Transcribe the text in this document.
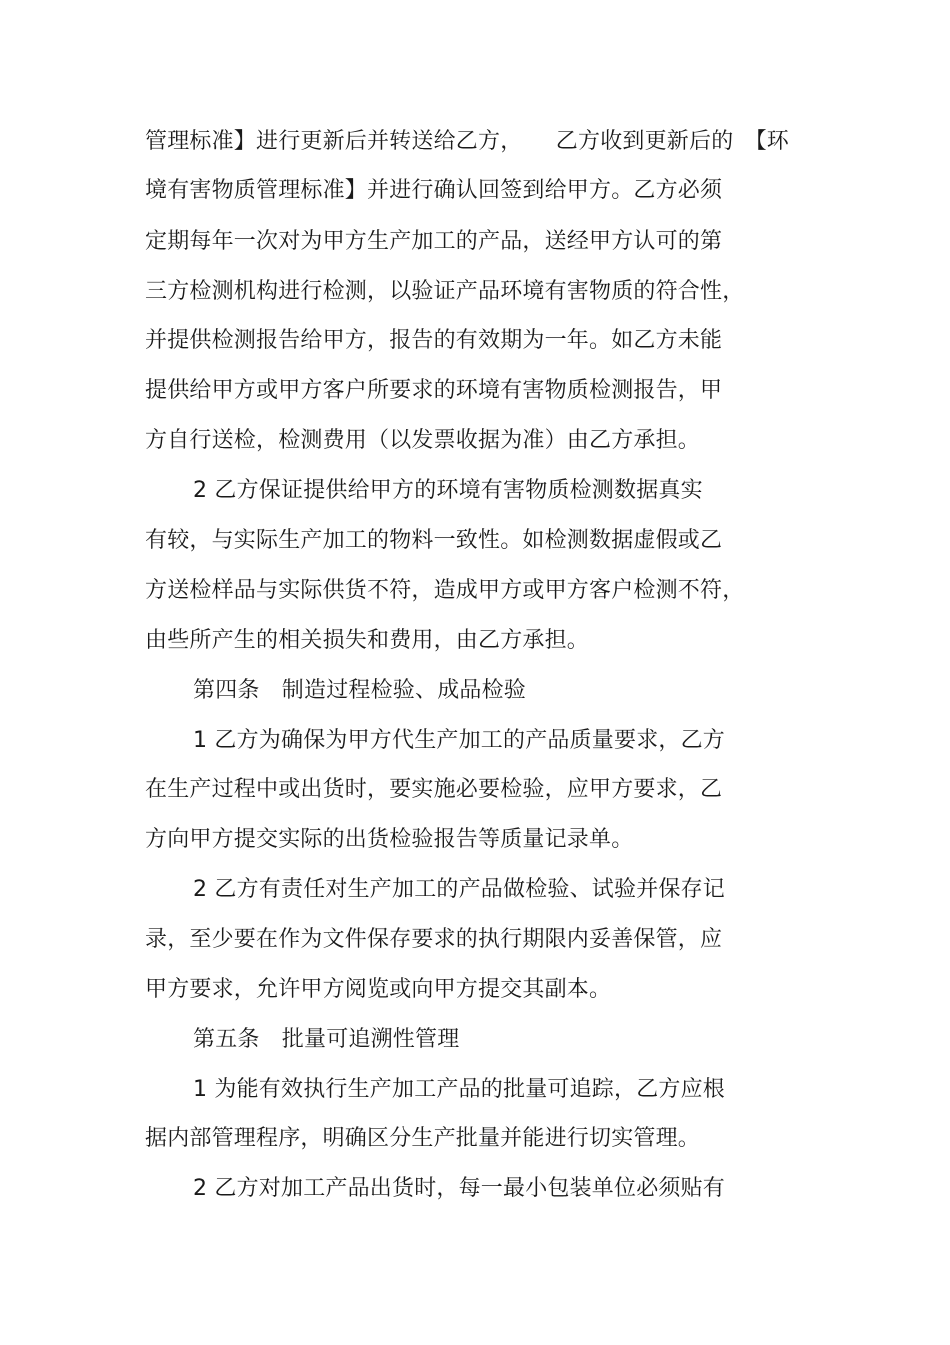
管理标准】进行更新后并转送给乙方，　　乙方收到更新后的　【环
境有害物质管理标准】并进行确认回签到给甲方。乙方必须
定期每年一次对为甲方生产加工的产品，送经甲方认可的第
三方检测机构进行检测，以验证产品环境有害物质的符合性，
并提供检测报告给甲方，报告的有效期为一年。如乙方未能
提供给甲方或甲方客户所要求的环境有害物质检测报告，甲
方自行送检，检测费用（以发票收据为准）由乙方承担。
2 乙方保证提供给甲方的环境有害物质检测数据真实
有较，与实际生产加工的物料一致性。如检测数据虚假或乙
方送检样品与实际供货不符，造成甲方或甲方客户检测不符，
由些所产生的相关损失和费用，由乙方承担。
第四条　制造过程检验、成品检验
1 乙方为确保为甲方代生产加工的产品质量要求，乙方
在生产过程中或出货时，要实施必要检验，应甲方要求，乙
方向甲方提交实际的出货检验报告等质量记录单。
2 乙方有责任对生产加工的产品做检验、试验并保存记
录，至少要在作为文件保存要求的执行期限内妥善保管，应
甲方要求，允许甲方阅览或向甲方提交其副本。
第五条　批量可追溯性管理
1 为能有效执行生产加工产品的批量可追踪，乙方应根
据内部管理程序，明确区分生产批量并能进行切实管理。
2 乙方对加工产品出货时，每一最小包装单位必须贴有
